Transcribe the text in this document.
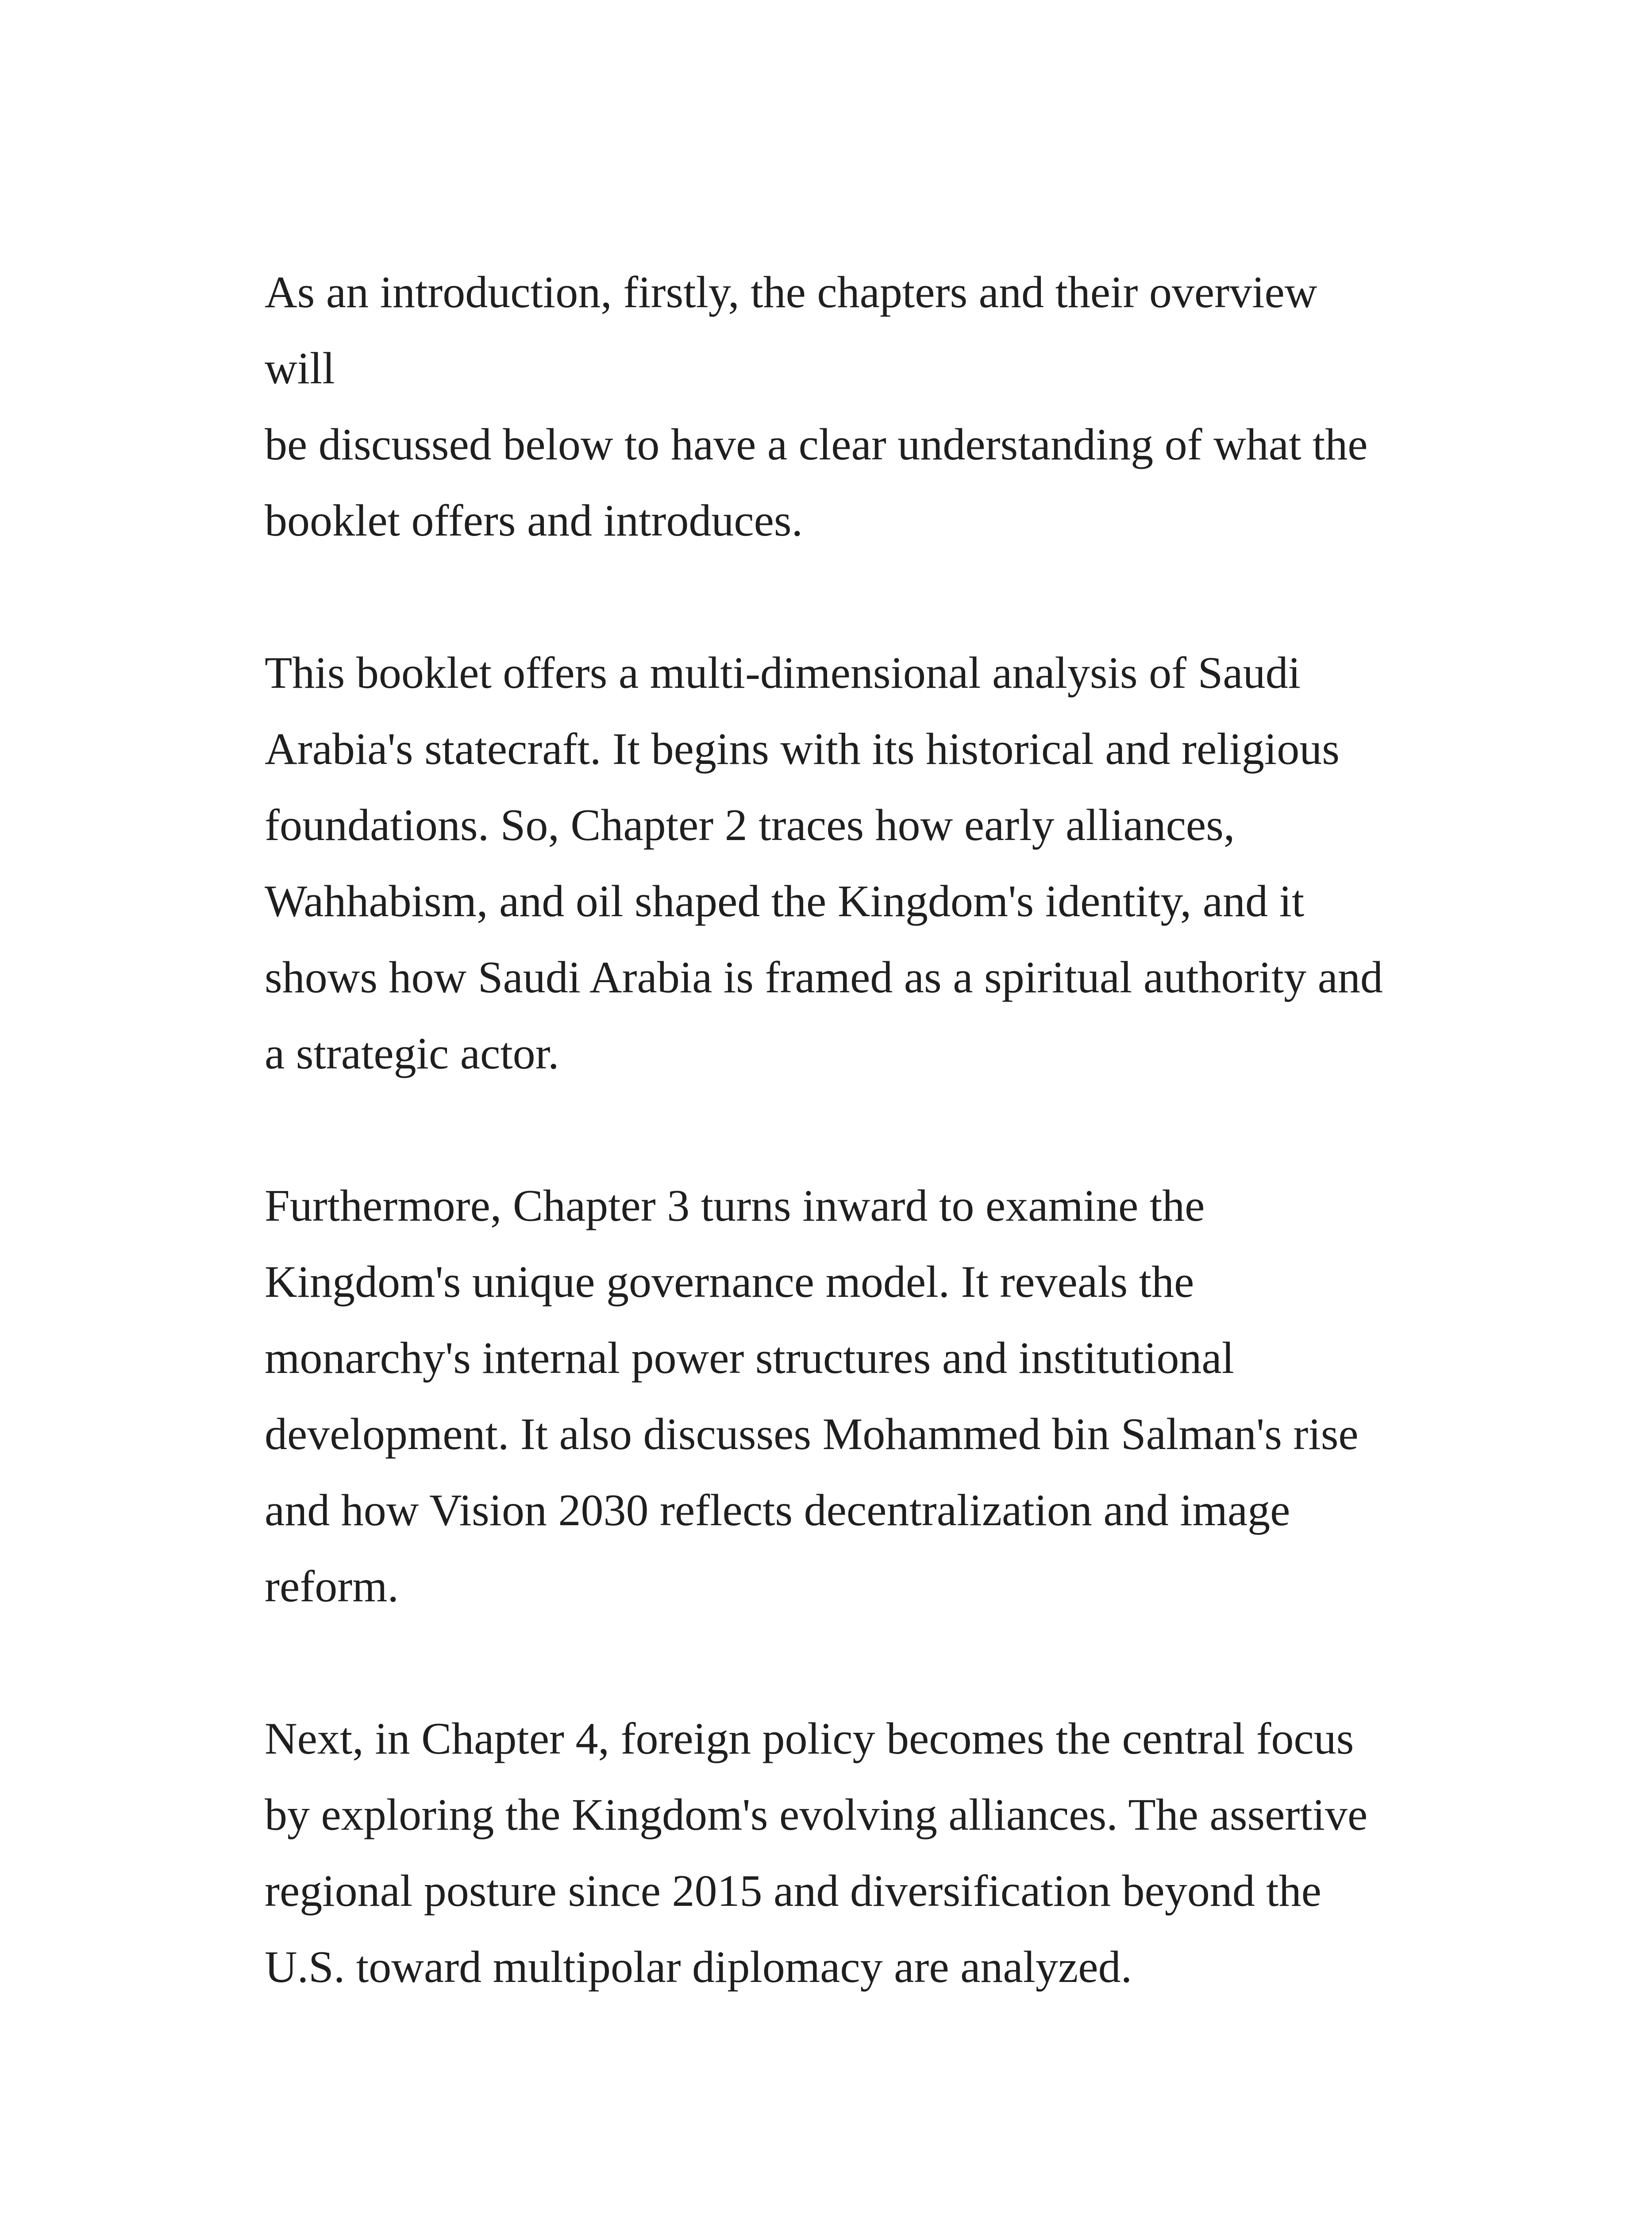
As an introduction, firstly, the chapters and their overview will
be discussed below to have a clear understanding of what the
booklet offers and introduces.

This booklet offers a multi-dimensional analysis of Saudi
Arabia's statecraft. It begins with its historical and religious
foundations. So, Chapter 2 traces how early alliances,
Wahhabism, and oil shaped the Kingdom's identity, and it
shows how Saudi Arabia is framed as a spiritual authority and
a strategic actor.

Furthermore, Chapter 3 turns inward to examine the
Kingdom's unique governance model. It reveals the
monarchy's internal power structures and institutional
development. It also discusses Mohammed bin Salman's rise
and how Vision 2030 reflects decentralization and image
reform.

Next, in Chapter 4, foreign policy becomes the central focus
by exploring the Kingdom's evolving alliances. The assertive
regional posture since 2015 and diversification beyond the
U.S. toward multipolar diplomacy are analyzed.
